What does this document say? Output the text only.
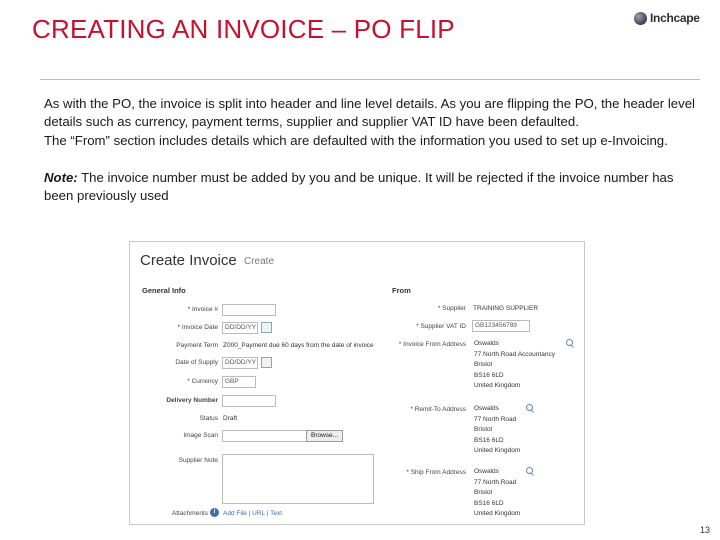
CREATING AN INVOICE – PO FLIP	Inchcape

As with the PO, the invoice is split into header and line level details. As you are flipping the PO, the header level details such as currency, payment terms, supplier and supplier VAT ID have been defaulted.

The “From” section includes details which are defaulted with the information you used to set up e-Invoicing.

Note: The invoice number must be added by you and be unique. It will be rejected if the invoice number has been previously used

Create Invoice Create
General Info	From
* Invoice #
* Invoice Date	DD/DD/YY
Payment Term Z000_Payment due 60 days from the date of invoice
Date of Supply	DD/DD/YY
* Currency	GBP
Delivery Number
Status Draft
Image Scan	Browse...
Supplier Note
Attachments i	Add File | URL | Text
* Supplier TRAINING SUPPLIER
* Supplier VAT ID	GB123456789
* Invoice From Address Oswalds
77 North Road Accountancy
Bristol
BS16 6LD
United Kingdom
* Remit-To Address Oswalds
77 North Road
Bristol
BS16 6LD
United Kingdom
* Ship From Address Oswalds
77 North Road
Bristol
BS16 6LD
United Kingdom
13
